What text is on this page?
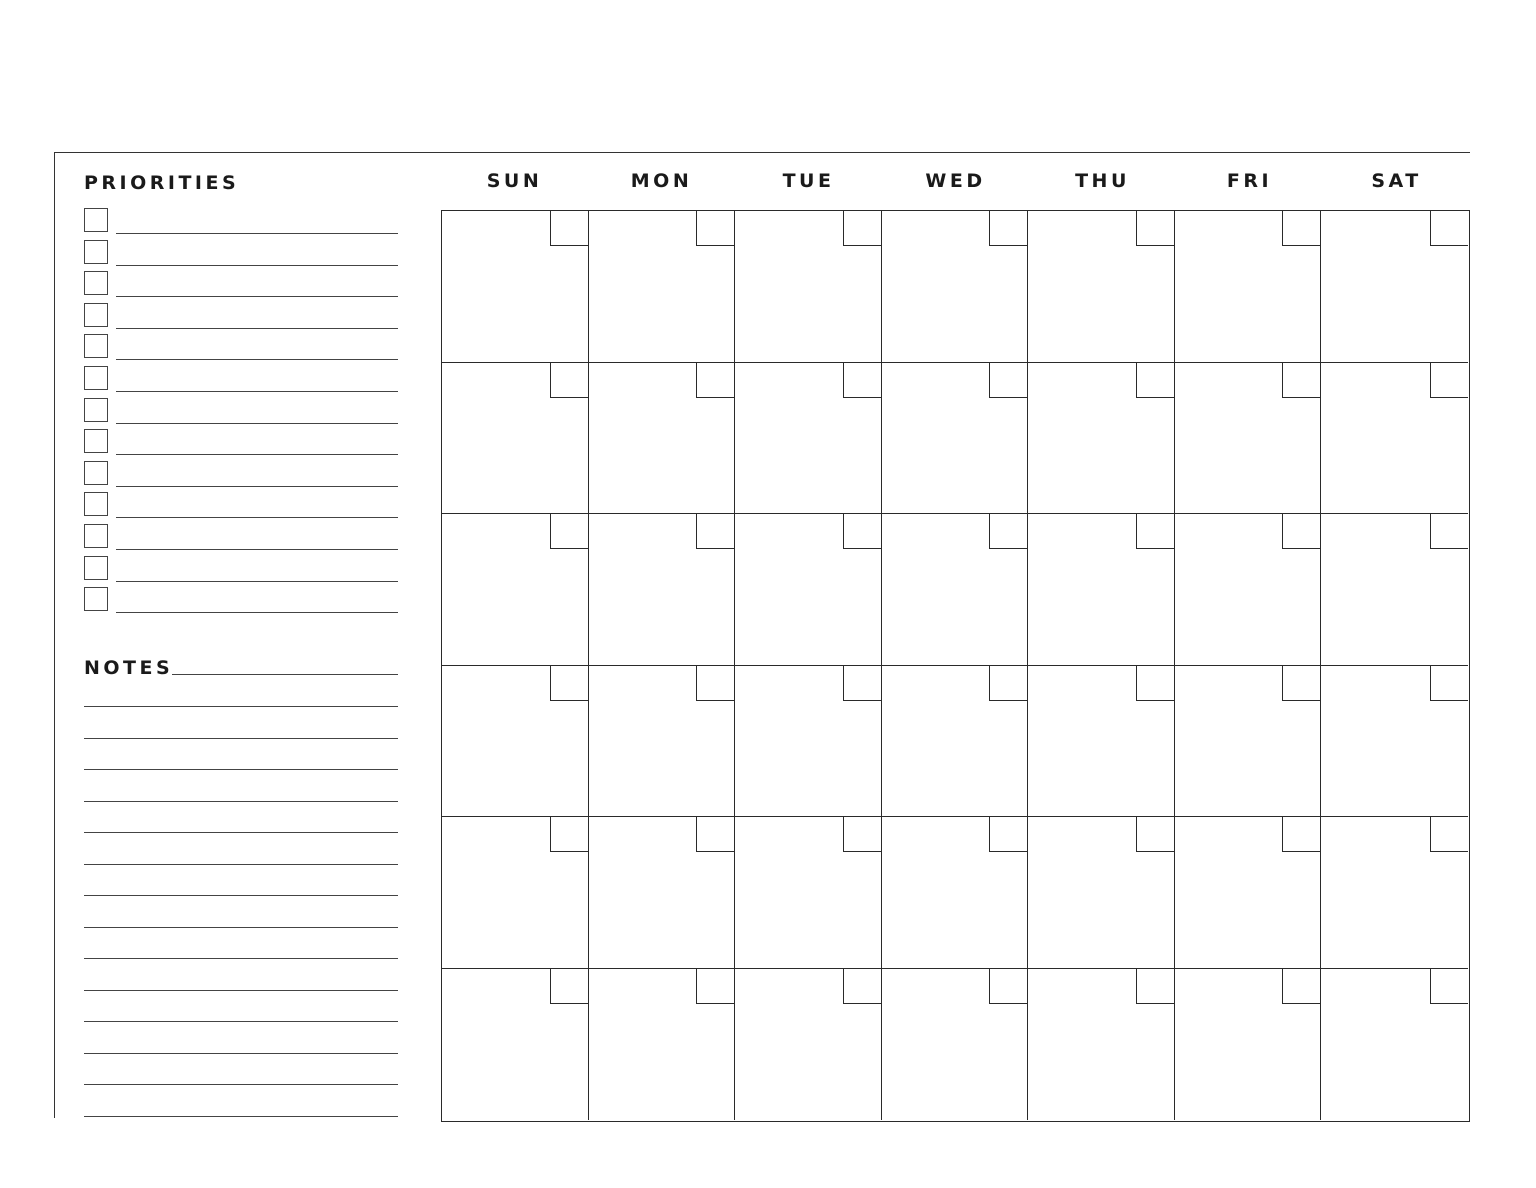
PRIORITIES
NOTES
SUN	MON	TUE	WED	THU	FRI	SAT
